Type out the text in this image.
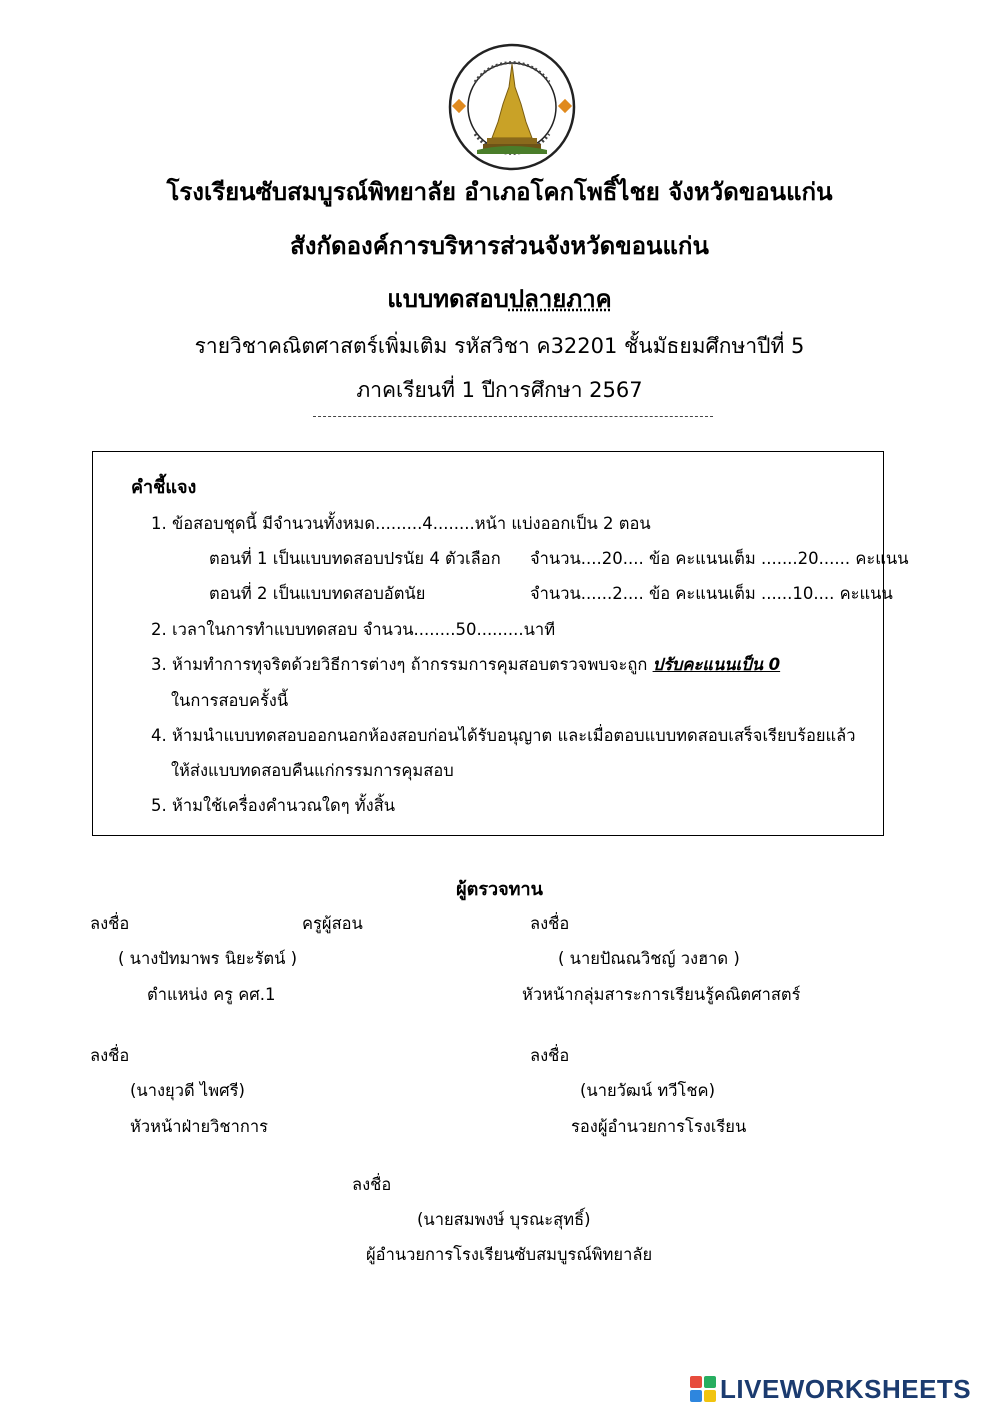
โรงเรียนซับสมบูรณ์พิทยาลัย อำเภอโคกโพธิ์ไชย จังหวัดขอนแก่น
สังกัดองค์การบริหารส่วนจังหวัดขอนแก่น
แบบทดสอบปลายภาค
รายวิชาคณิตศาสตร์เพิ่มเติม รหัสวิชา ค32201 ชั้นมัธยมศึกษาปีที่ 5
ภาคเรียนที่ 1 ปีการศึกษา 2567
คำชี้แจง
1. ข้อสอบชุดนี้ มีจำนวนทั้งหมด.........4........หน้า แบ่งออกเป็น 2 ตอน
ตอนที่ 1 เป็นแบบทดสอบปรนัย 4 ตัวเลือก จำนวน....20.... ข้อ คะแนนเต็ม .......20...... คะแนน
ตอนที่ 2 เป็นแบบทดสอบอัตนัย	จำนวน......2.... ข้อ คะแนนเต็ม ......10.... คะแนน
2. เวลาในการทำแบบทดสอบ จำนวน........50.........นาที
3. ห้ามทำการทุจริตด้วยวิธีการต่างๆ ถ้ากรรมการคุมสอบตรวจพบจะถูก ปรับคะแนนเป็น 0
ในการสอบครั้งนี้
4. ห้ามนำแบบทดสอบออกนอกห้องสอบก่อนได้รับอนุญาต และเมื่อตอบแบบทดสอบเสร็จเรียบร้อยแล้ว
ให้ส่งแบบทดสอบคืนแก่กรรมการคุมสอบ
5. ห้ามใช้เครื่องคำนวณใดๆ ทั้งสิ้น
ผู้ตรวจทาน
ลงชื่อ	ครูผู้สอน	ลงชื่อ
( นางปัทมาพร นิยะรัตน์ )	( นายปัณณวิชญ์ วงฮาด )
ตำแหน่ง ครู คศ.1	หัวหน้ากลุ่มสาระการเรียนรู้คณิตศาสตร์
ลงชื่อ	ลงชื่อ
(นางยุวดี ไพศรี)	(นายวัฒน์ ทวีโชค)
หัวหน้าฝ่ายวิชาการ	รองผู้อำนวยการโรงเรียน
ลงชื่อ
(นายสมพงษ์ บุรณะสุทธิ์)
ผู้อำนวยการโรงเรียนซับสมบูรณ์พิทยาลัย
LIVEWORKSHEETS
